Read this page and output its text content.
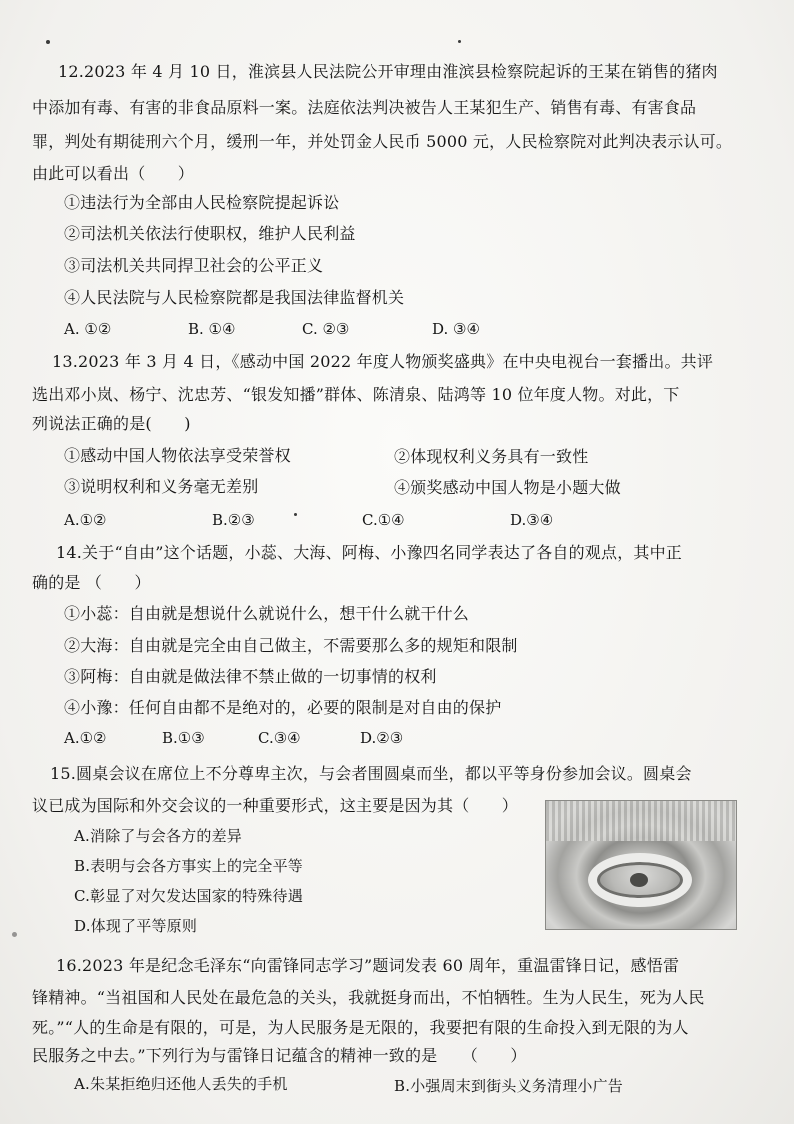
12.2023 年 4 月 10 日，淮滨县人民法院公开审理由淮滨县检察院起诉的王某在销售的猪肉
中添加有毒、有害的非食品原料一案。法庭依法判决被告人王某犯生产、销售有毒、有害食品
罪，判处有期徒刑六个月，缓刑一年，并处罚金人民币 5000 元，人民检察院对此判决表示认可。
由此可以看出（　　）
①违法行为全部由人民检察院提起诉讼
②司法机关依法行使职权，维护人民利益
③司法机关共同捍卫社会的公平正义
④人民法院与人民检察院都是我国法律监督机关
A. ①②	B. ①④	C. ②③	D. ③④
13.2023 年 3 月 4 日，《感动中国 2022 年度人物颁奖盛典》在中央电视台一套播出。共评
选出邓小岚、杨宁、沈忠芳、“银发知播”群体、陈清泉、陆鸿等 10 位年度人物。对此，下
列说法正确的是(　　)
①感动中国人物依法享受荣誉权	②体现权利义务具有一致性
③说明权利和义务毫无差别	④颁奖感动中国人物是小题大做
A.①②	B.②③	C.①④	D.③④
14.关于“自由”这个话题，小蕊、大海、阿梅、小豫四名同学表达了各自的观点，其中正
确的是 （　　）
①小蕊：自由就是想说什么就说什么，想干什么就干什么
②大海：自由就是完全由自己做主，不需要那么多的规矩和限制
③阿梅：自由就是做法律不禁止做的一切事情的权利
④小豫：任何自由都不是绝对的，必要的限制是对自由的保护
A.①②	B.①③	C.③④	D.②③
15.圆桌会议在席位上不分尊卑主次，与会者围圆桌而坐，都以平等身份参加会议。圆桌会
议已成为国际和外交会议的一种重要形式，这主要是因为其（　　）
A.消除了与会各方的差异
B.表明与会各方事实上的完全平等
C.彰显了对欠发达国家的特殊待遇
D.体现了平等原则
16.2023 年是纪念毛泽东“向雷锋同志学习”题词发表 60 周年，重温雷锋日记，感悟雷
锋精神。“当祖国和人民处在最危急的关头，我就挺身而出，不怕牺牲。生为人民生，死为人民
死。”“人的生命是有限的，可是，为人民服务是无限的，我要把有限的生命投入到无限的为人
民服务之中去。”下列行为与雷锋日记蕴含的精神一致的是　　（　　）
A.朱某拒绝归还他人丢失的手机	B.小强周末到街头义务清理小广告
